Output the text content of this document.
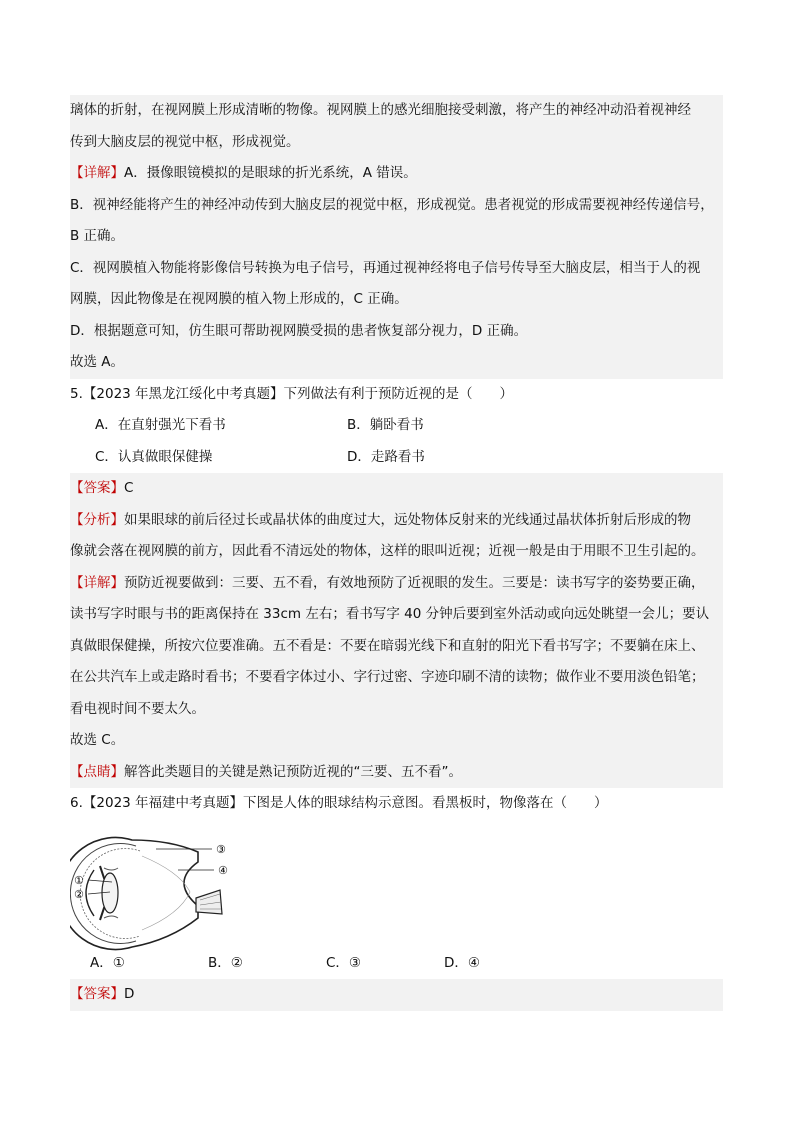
璃体的折射，在视网膜上形成清晰的物像。视网膜上的感光细胞接受刺激，将产生的神经冲动沿着视神经
传到大脑皮层的视觉中枢，形成视觉。
【详解】A．摄像眼镜模拟的是眼球的折光系统，A 错误。
B．视神经能将产生的神经冲动传到大脑皮层的视觉中枢，形成视觉。患者视觉的形成需要视神经传递信号，
B 正确。
C．视网膜植入物能将影像信号转换为电子信号，再通过视神经将电子信号传导至大脑皮层，相当于人的视
网膜，因此物像是在视网膜的植入物上形成的，C 正确。
D．根据题意可知，仿生眼可帮助视网膜受损的患者恢复部分视力，D 正确。
故选 A。
5.【2023 年黑龙江绥化中考真题】下列做法有利于预防近视的是（　　）
A．在直射强光下看书	B．躺卧看书
C．认真做眼保健操	D．走路看书
【答案】C
【分析】如果眼球的前后径过长或晶状体的曲度过大，远处物体反射来的光线通过晶状体折射后形成的物
像就会落在视网膜的前方，因此看不清远处的物体，这样的眼叫近视；近视一般是由于用眼不卫生引起的。
【详解】预防近视要做到：三要、五不看，有效地预防了近视眼的发生。三要是：读书写字的姿势要正确，
读书写字时眼与书的距离保持在 33cm 左右；看书写字 40 分钟后要到室外活动或向远处眺望一会儿；要认
真做眼保健操，所按穴位要准确。五不看是：不要在暗弱光线下和直射的阳光下看书写字；不要躺在床上、
在公共汽车上或走路时看书；不要看字体过小、字行过密、字迹印刷不清的读物；做作业不要用淡色铅笔；
看电视时间不要太久。
故选 C。
【点睛】解答此类题目的关键是熟记预防近视的“三要、五不看”。
6.【2023 年福建中考真题】下图是人体的眼球结构示意图。看黑板时，物像落在（　　）
①
②
③
④
A．①	B．②	C．③	D．④
【答案】D
